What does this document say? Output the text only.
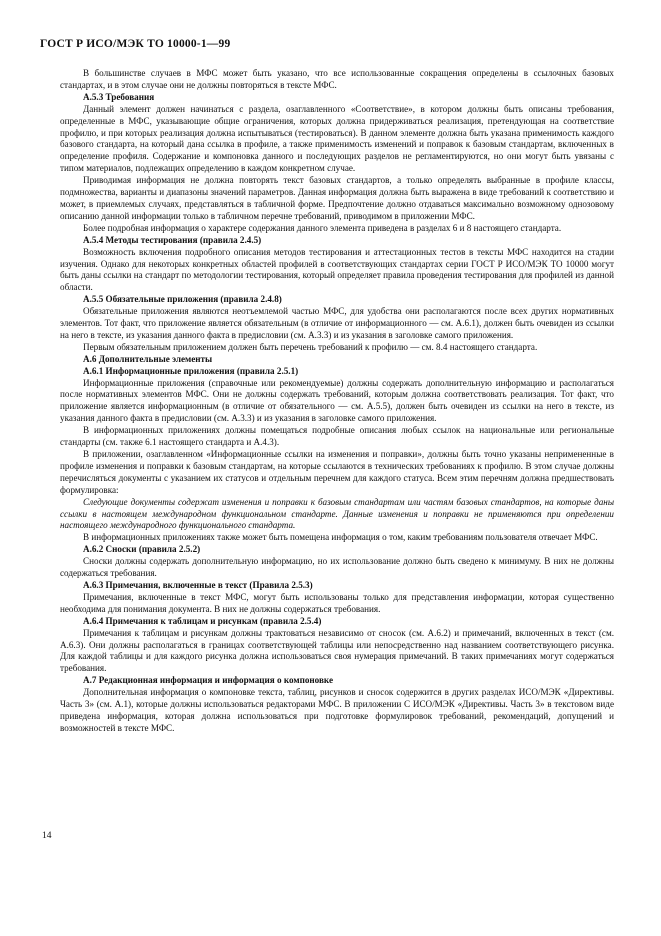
ГОСТ Р ИСО/МЭК ТО 10000-1—99

В большинстве случаев в МФС может быть указано, что все использованные сокращения определены в ссылочных базовых стандартах, и в этом случае они не должны повторяться в тексте МФС.

А.5.3 Требования

Данный элемент должен начинаться с раздела, озаглавленного «Соответствие», в котором должны быть описаны требования, определенные в МФС, указывающие общие ограничения, которых должна придерживаться реализация, претендующая на соответствие профилю, и при которых реализация должна испытываться (тестироваться). В данном элементе должна быть указана применимость каждого базового стандарта, на который дана ссылка в профиле, а также применимость изменений и поправок к базовым стандартам, включенных в определение профиля. Содержание и компоновка данного и последующих разделов не регламентируются, но они могут быть увязаны с типом материалов, подлежащих определению в каждом конкретном случае.

Приводимая информация не должна повторять текст базовых стандартов, а только определять выбранные в профиле классы, подмножества, варианты и диапазоны значений параметров. Данная информация должна быть выражена в виде требований к соответствию и может, в приемлемых случаях, представляться в табличной форме. Предпочтение должно отдаваться максимально возможному однозовому описанию данной информации только в табличном перечне требований, приводимом в приложении МФС.

Более подробная информация о характере содержания данного элемента приведена в разделах 6 и 8 настоящего стандарта.

А.5.4 Методы тестирования (правила 2.4.5)

Возможность включения подробного описания методов тестирования и аттестационных тестов в тексты МФС находится на стадии изучения. Однако для некоторых конкретных областей профилей в соответствующих стандартах серии ГОСТ Р ИСО/МЭК ТО 10000 могут быть даны ссылки на стандарт по методологии тестирования, который определяет правила проведения тестирования для профилей из данной области.

А.5.5 Обязательные приложения (правила 2.4.8)

Обязательные приложения являются неотъемлемой частью МФС, для удобства они располагаются после всех других нормативных элементов. Тот факт, что приложение является обязательным (в отличие от информационного — см. А.6.1), должен быть очевиден из ссылки на него в тексте, из указания данного факта в предисловии (см. А.3.3) и из указания в заголовке самого приложения.

Первым обязательным приложением должен быть перечень требований к профилю — см. 8.4 настоящего стандарта.

А.6 Дополнительные элементы

А.6.1 Информационные приложения (правила 2.5.1)

Информационные приложения (справочные или рекомендуемые) должны содержать дополнительную информацию и располагаться после нормативных элементов МФС. Они не должны содержать требований, которым должна соответствовать реализация. Тот факт, что приложение является информационным (в отличие от обязательного — см. А.5.5), должен быть очевиден из ссылки на него в тексте, из указания данного факта в предисловии (см. А.3.3) и из указания в заголовке самого приложения.

В информационных приложениях должны помещаться подробные описания любых ссылок на национальные или региональные стандарты (см. также 6.1 настоящего стандарта и А.4.3).

В приложении, озаглавленном «Информационные ссылки на изменения и поправки», должны быть точно указаны непримененные в профиле изменения и поправки к базовым стандартам, на которые ссылаются в технических требованиях к профилю. В этом случае должны перечисляться документы с указанием их статусов и отдельным перечнем для каждого статуса. Всем этим перечням должна предшествовать формулировка:

Следующие документы содержат изменения и поправки к базовым стандартам или частям базовых стандартов, на которые даны ссылки в настоящем международном функциональном стандарте. Данные изменения и поправки не применяются при определении настоящего международного функционального стандарта.

В информационных приложениях также может быть помещена информация о том, каким требованиям пользователя отвечает МФС.

А.6.2 Сноски (правила 2.5.2)

Сноски должны содержать дополнительную информацию, но их использование должно быть сведено к минимуму. В них не должны содержаться требования.

А.6.3 Примечания, включенные в текст (Правила 2.5.3)

Примечания, включенные в текст МФС, могут быть использованы только для представления информации, которая существенно необходима для понимания документа. В них не должны содержаться требования.

А.6.4 Примечания к таблицам и рисункам (правила 2.5.4)

Примечания к таблицам и рисункам должны трактоваться независимо от сносок (см. А.6.2) и примечаний, включенных в текст (см. А.6.3). Они должны располагаться в границах соответствующей таблицы или непосредственно над названием соответствующего рисунка. Для каждой таблицы и для каждого рисунка должна использоваться своя нумерация примечаний. В таких примечаниях могут содержаться требования.

А.7 Редакционная информация и информация о компоновке

Дополнительная информация о компоновке текста, таблиц, рисунков и сносок содержится в других разделах ИСО/МЭК «Директивы. Часть 3» (см. А.1), которые должны использоваться редакторами МФС. В приложении С ИСО/МЭК «Директивы. Часть 3» в текстовом виде приведена информация, которая должна использоваться при подготовке формулировок требований, рекомендаций, допущений и возможностей в тексте МФС.

14
